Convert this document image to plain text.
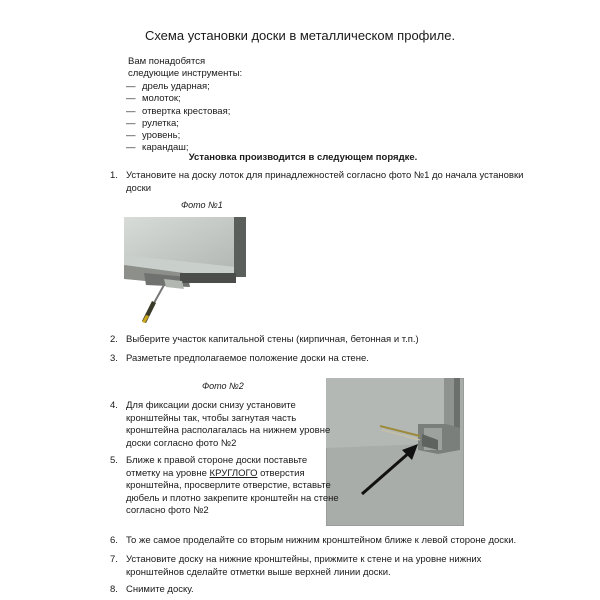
Схема установки доски в металлическом профиле.
Вам понадобятся
следующие инструменты:
— дрель ударная;
— молоток;
— отвертка крестовая;
— рулетка;
— уровень;
— карандаш;
Установка производится в следующем порядке.
1. Установите на доску лоток для принадлежностей согласно фото №1 до начала установки
доски
Фото №1
2. Выберите участок капитальной стены (кирпичная, бетонная и т.п.)
3. Разметьте предполагаемое положение доски на стене.
Фото №2
4. Для фиксации доски снизу установите
кронштейны так, чтобы загнутая часть
кронштейна располагалась на нижнем уровне
доски согласно фото №2
5. Ближе к правой стороне доски поставьте
отметку на уровне КРУГЛОГО отверстия
кронштейна, просверлите отверстие, вставьте
дюбель и плотно закрепите кронштейн на стене
согласно фото №2
6. То же самое проделайте со вторым нижним кронштейном ближе к левой стороне доски.
7. Установите доску на нижние кронштейны, прижмите к стене и на уровне нижних
кронштейнов сделайте отметки выше верхней линии доски.
8. Снимите доску.
